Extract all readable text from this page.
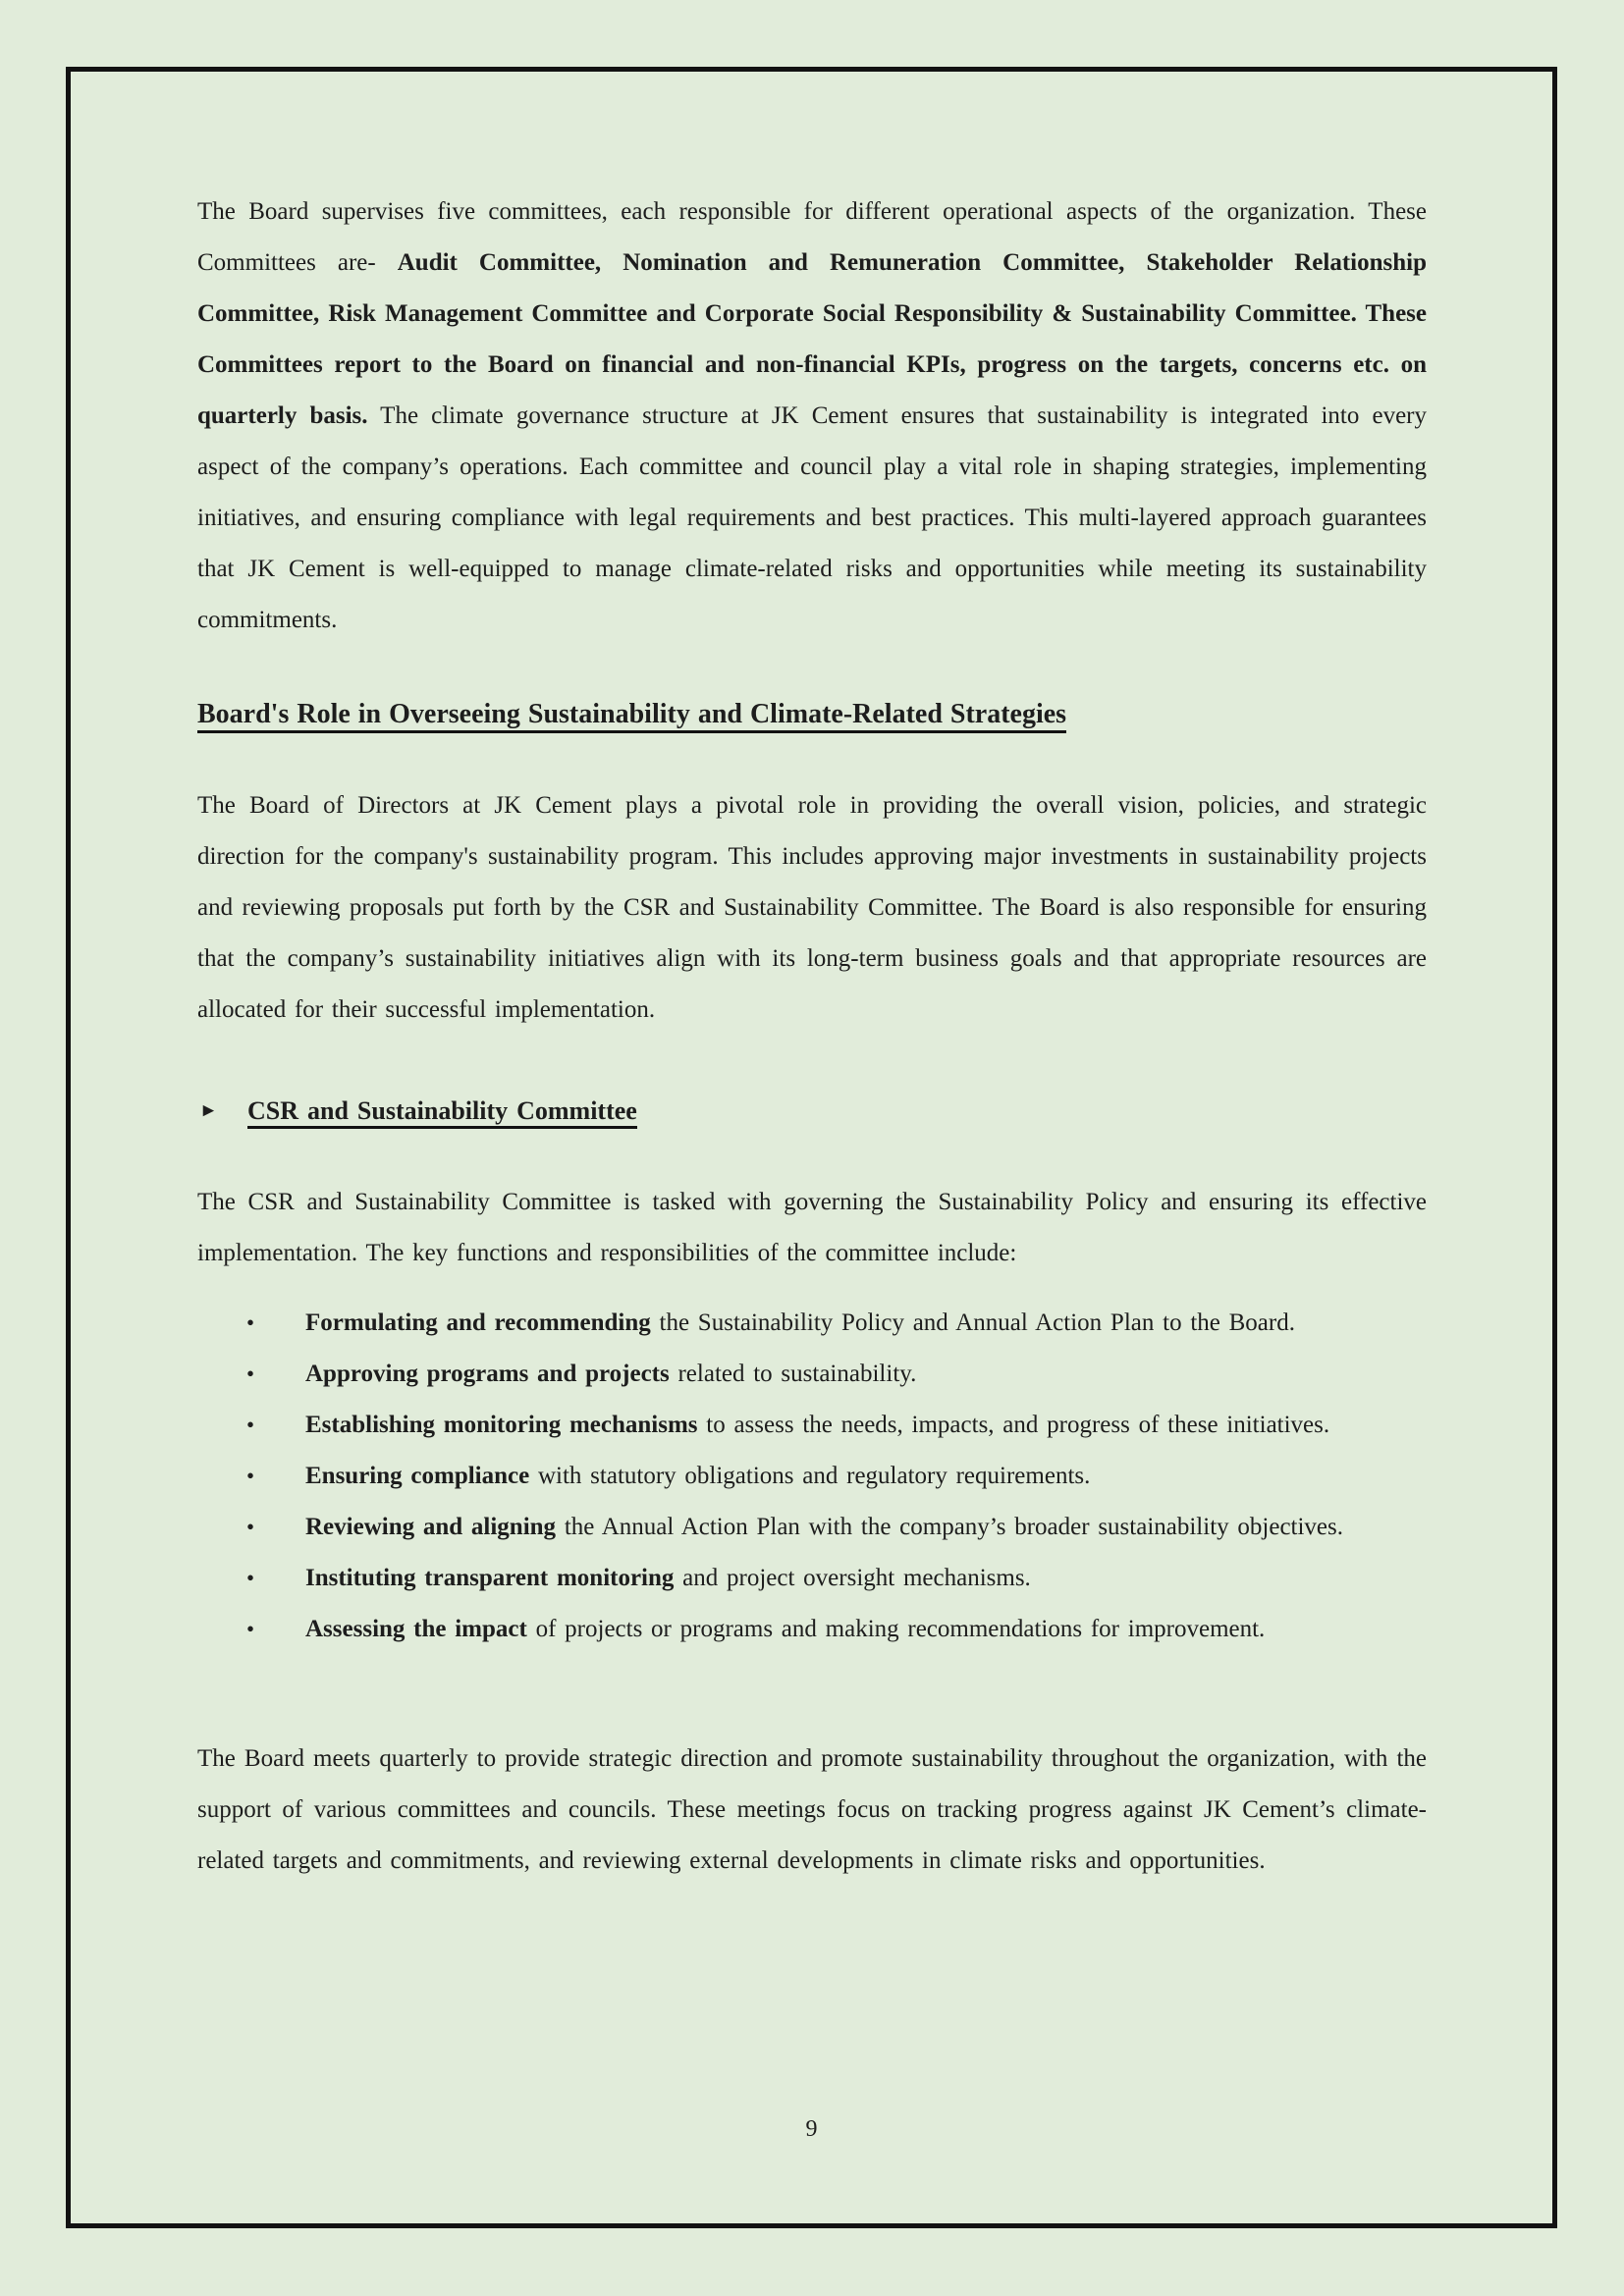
The Board supervises five committees, each responsible for different operational aspects of the organization. These Committees are- Audit Committee, Nomination and Remuneration Committee, Stakeholder Relationship Committee, Risk Management Committee and Corporate Social Responsibility & Sustainability Committee. These Committees report to the Board on financial and non-financial KPIs, progress on the targets, concerns etc. on quarterly basis. The climate governance structure at JK Cement ensures that sustainability is integrated into every aspect of the company’s operations. Each committee and council play a vital role in shaping strategies, implementing initiatives, and ensuring compliance with legal requirements and best practices. This multi-layered approach guarantees that JK Cement is well-equipped to manage climate-related risks and opportunities while meeting its sustainability commitments.

Board's Role in Overseeing Sustainability and Climate-Related Strategies

The Board of Directors at JK Cement plays a pivotal role in providing the overall vision, policies, and strategic direction for the company's sustainability program. This includes approving major investments in sustainability projects and reviewing proposals put forth by the CSR and Sustainability Committee. The Board is also responsible for ensuring that the company’s sustainability initiatives align with its long-term business goals and that appropriate resources are allocated for their successful implementation.

► CSR and Sustainability Committee

The CSR and Sustainability Committee is tasked with governing the Sustainability Policy and ensuring its effective implementation. The key functions and responsibilities of the committee include:

• Formulating and recommending the Sustainability Policy and Annual Action Plan to the Board.
• Approving programs and projects related to sustainability.
• Establishing monitoring mechanisms to assess the needs, impacts, and progress of these initiatives.
• Ensuring compliance with statutory obligations and regulatory requirements.
• Reviewing and aligning the Annual Action Plan with the company’s broader sustainability objectives.
• Instituting transparent monitoring and project oversight mechanisms.
• Assessing the impact of projects or programs and making recommendations for improvement.

The Board meets quarterly to provide strategic direction and promote sustainability throughout the organization, with the support of various committees and councils. These meetings focus on tracking progress against JK Cement’s climate-related targets and commitments, and reviewing external developments in climate risks and opportunities.

9
